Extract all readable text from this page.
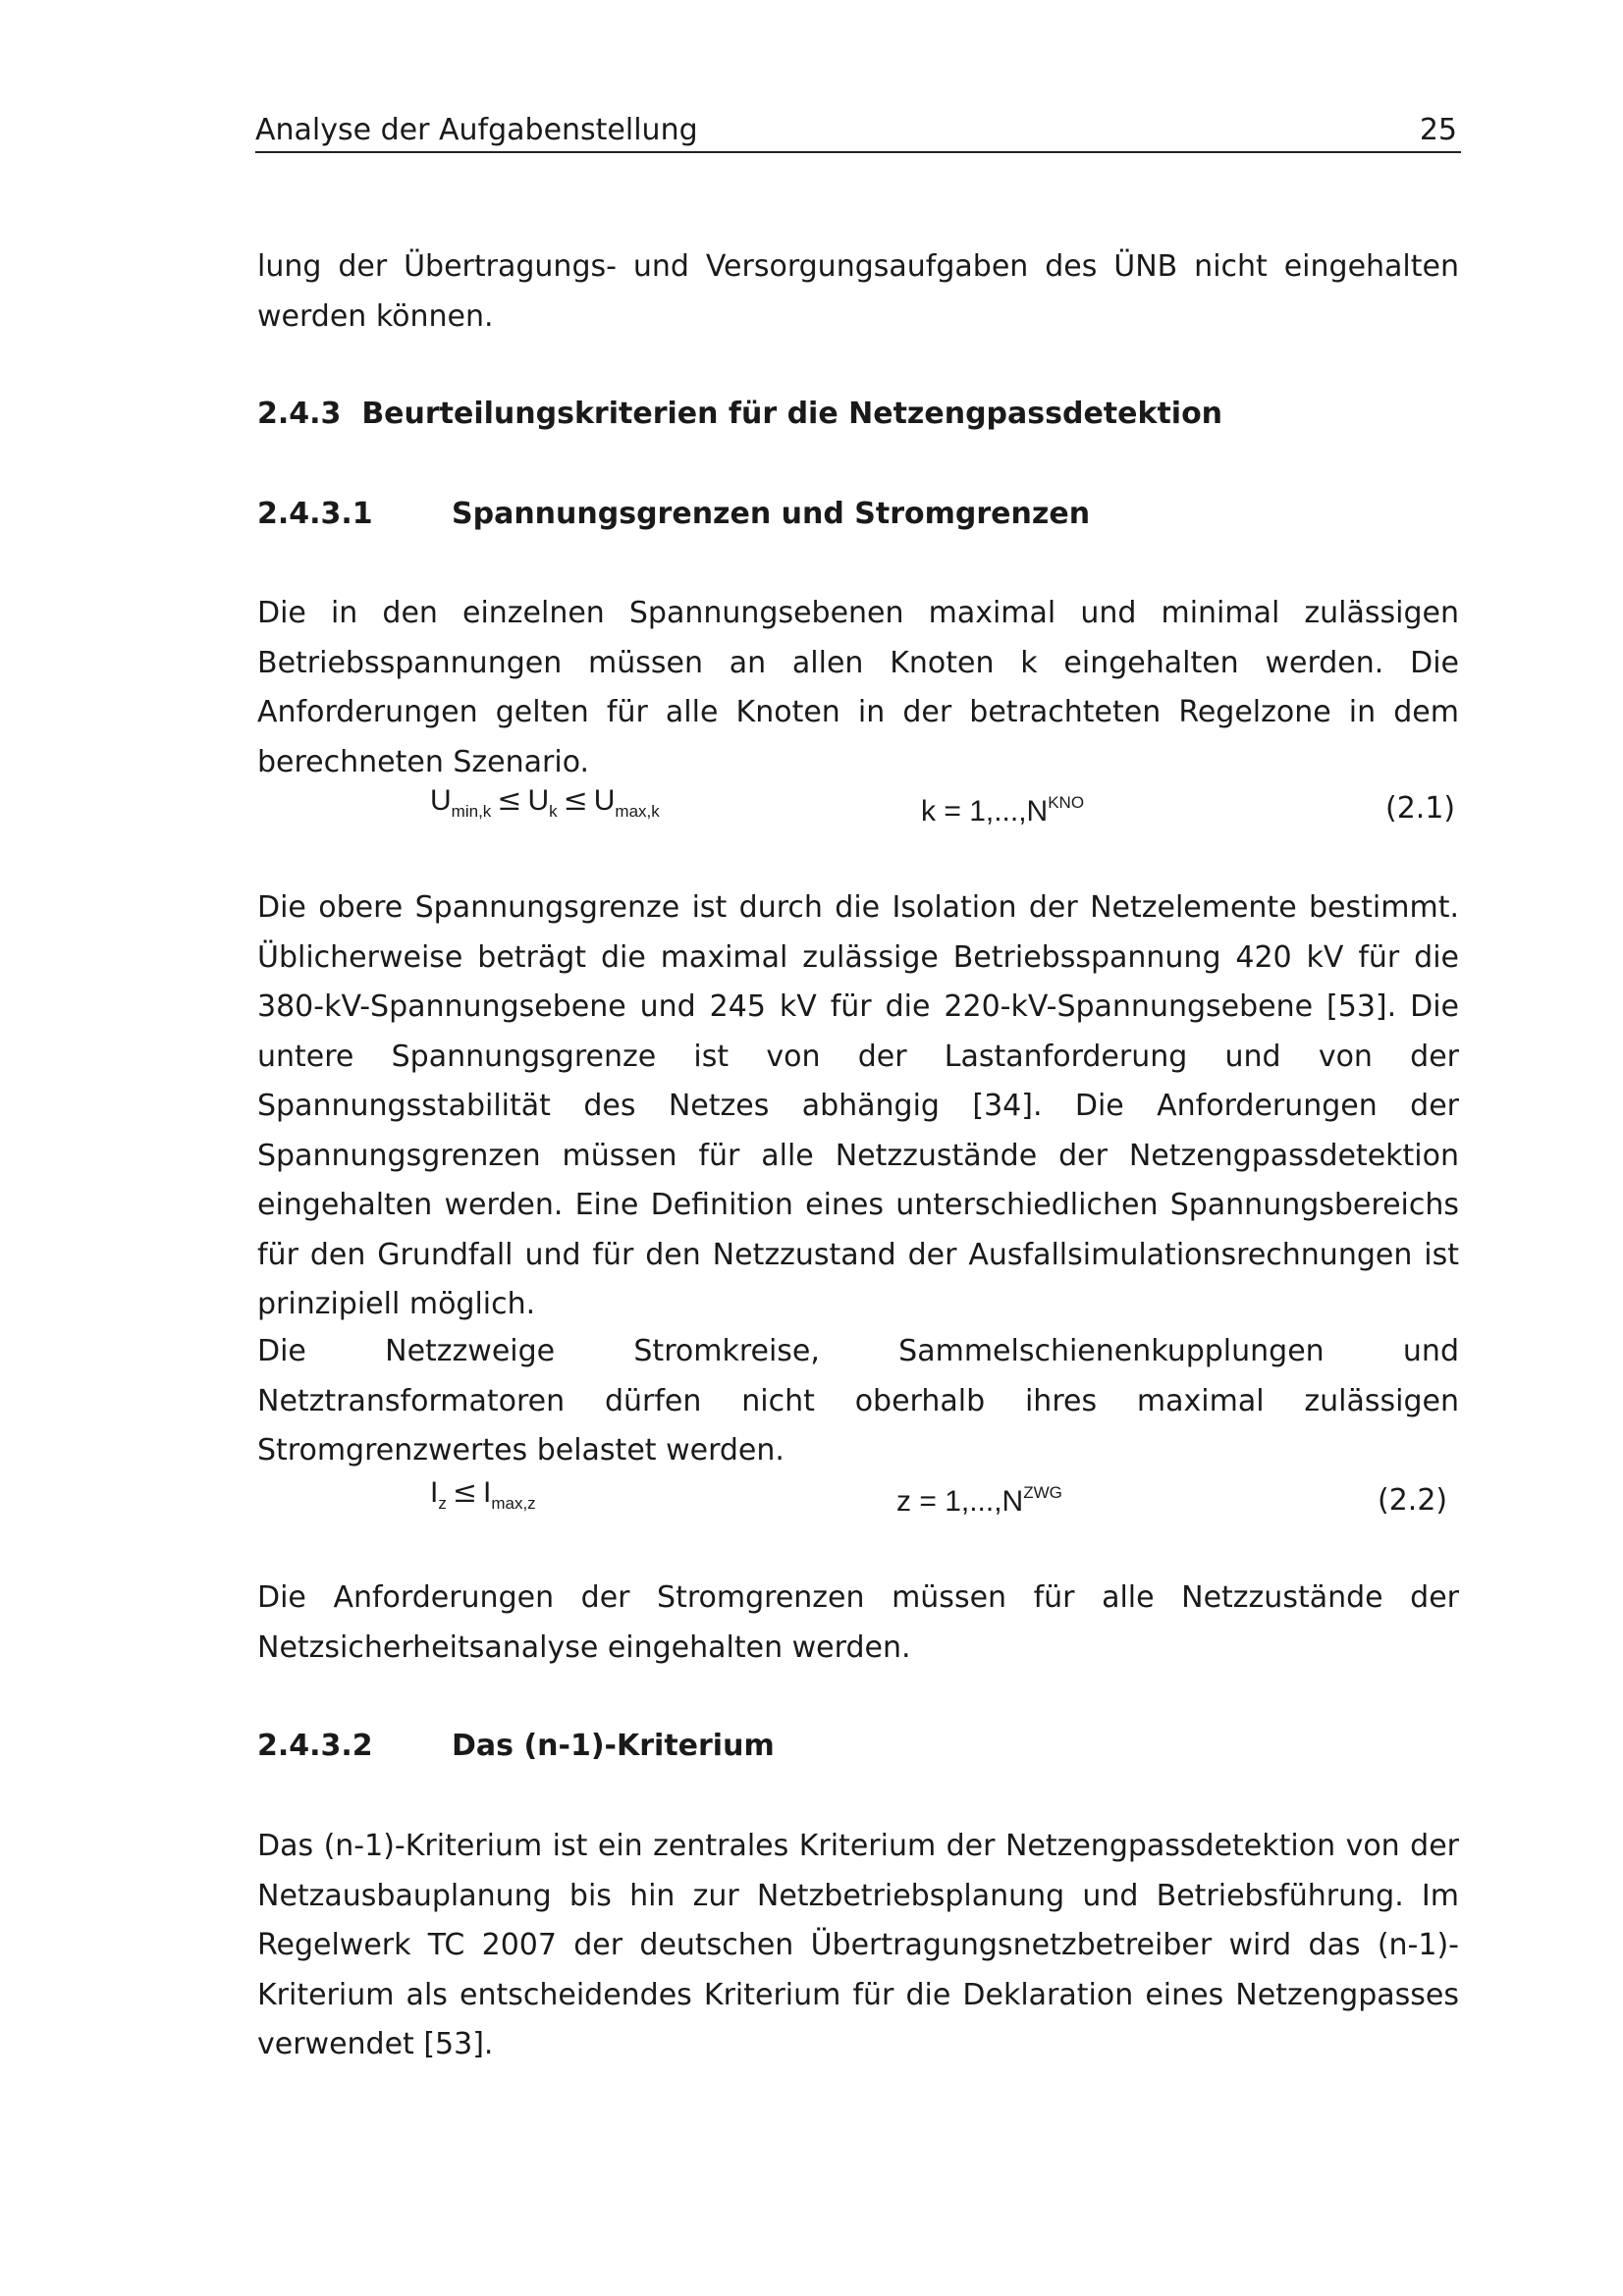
Analyse der Aufgabenstellung	25
lung der Übertragungs- und Versorgungsaufgaben des ÜNB nicht eingehalten werden können.
2.4.3 Beurteilungskriterien für die Netzengpassdetektion
2.4.3.1	Spannungsgrenzen und Stromgrenzen
Die in den einzelnen Spannungsebenen maximal und minimal zulässigen Betriebsspannungen müssen an allen Knoten k eingehalten werden. Die Anforderungen gelten für alle Knoten in der betrachteten Regelzone in dem berechneten Szenario.
$U_{min,k} \le U_k \le U_{max,k}$	$k = 1,...,N^{KNO}$	(2.1)
Die obere Spannungsgrenze ist durch die Isolation der Netzelemente bestimmt. Üblicherweise beträgt die maximal zulässige Betriebsspannung 420 kV für die 380-kV-Spannungsebene und 245 kV für die 220-kV-Spannungsebene [53]. Die untere Spannungsgrenze ist von der Lastanforderung und von der Spannungsstabilität des Netzes abhängig [34]. Die Anforderungen der Spannungsgrenzen müssen für alle Netzzustände der Netzengpassdetektion eingehalten werden. Eine Definition eines unterschiedlichen Spannungsbereichs für den Grundfall und für den Netzzustand der Ausfallsimulationsrechnungen ist prinzipiell möglich.
Die Netzzweige Stromkreise, Sammelschienenkupplungen und Netztransformatoren dürfen nicht oberhalb ihres maximal zulässigen Stromgrenzwertes belastet werden.
$I_z \le I_{max,z}$	$z = 1,...,N^{ZWG}$	(2.2)
Die Anforderungen der Stromgrenzen müssen für alle Netzzustände der Netzsicherheitsanalyse eingehalten werden.
2.4.3.2	Das (n-1)-Kriterium
Das (n-1)-Kriterium ist ein zentrales Kriterium der Netzengpassdetektion von der Netzausbauplanung bis hin zur Netzbetriebsplanung und Betriebsführung. Im Regelwerk TC 2007 der deutschen Übertragungsnetzbetreiber wird das (n-1)-Kriterium als entscheidendes Kriterium für die Deklaration eines Netzengpasses verwendet [53].
